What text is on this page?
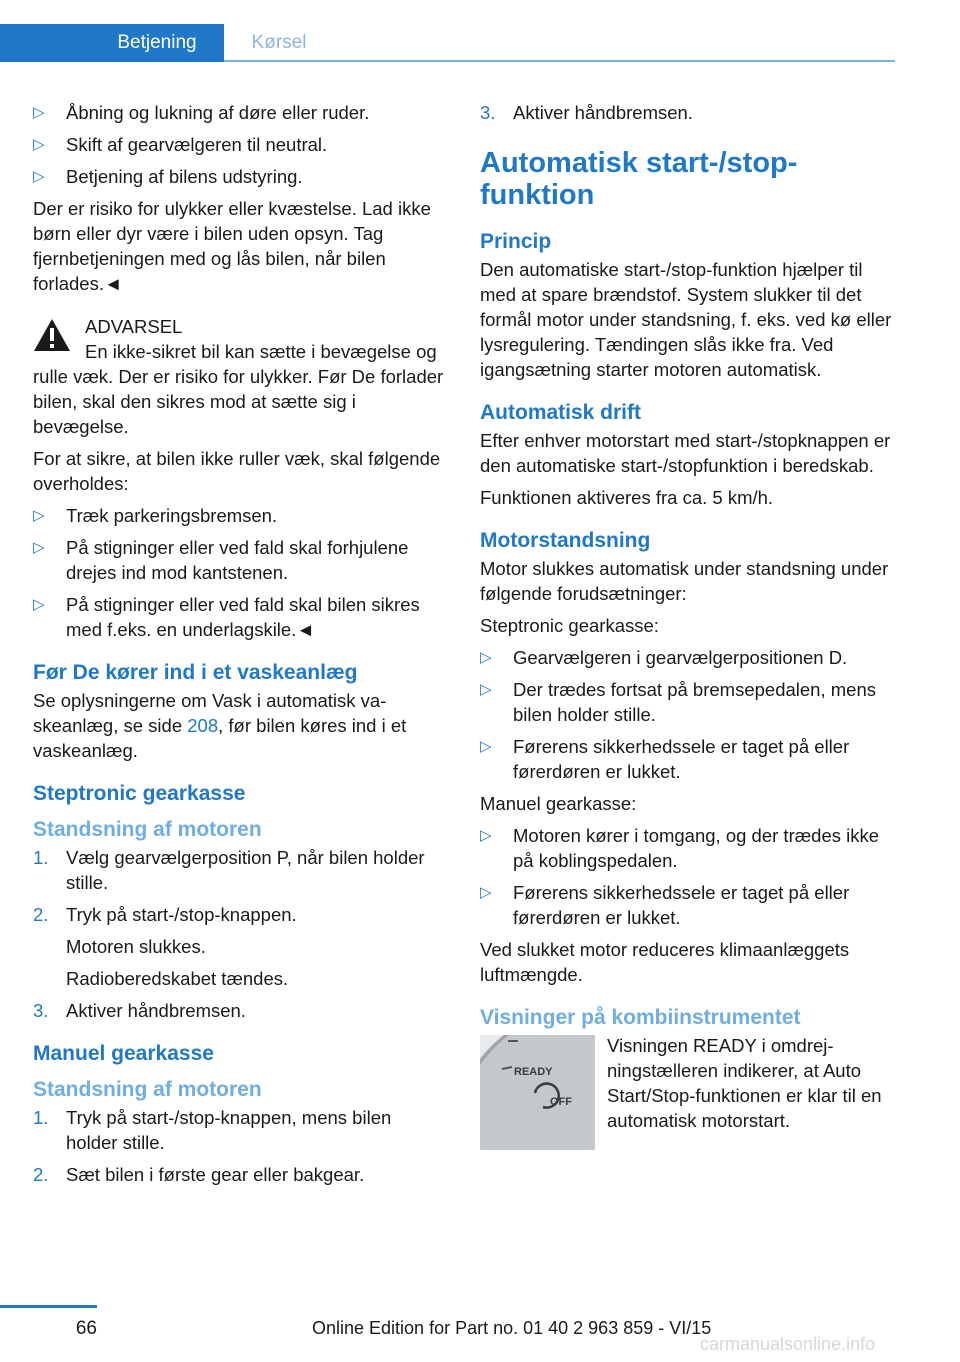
Betjening	Kørsel
▷ Åbning og lukning af døre eller ruder.
▷ Skift af gearvælgeren til neutral.
▷ Betjening af bilens udstyring.

Der er risiko for ulykker eller kvæstelse. Lad ikke børn eller dyr være i bilen uden opsyn. Tag fjernbetjeningen med og lås bilen, når bilen forlades.◄

ADVARSEL

En ikke-sikret bil kan sætte i bevægelse og rulle væk. Der er risiko for ulykker. Før De forlader bilen, skal den sikres mod at sætte sig i bevægelse.

For at sikre, at bilen ikke ruller væk, skal følgende overholdes:

▷ Træk parkeringsbremsen.
▷ På stigninger eller ved fald skal forhjulene drejes ind mod kantstenen.
▷ På stigninger eller ved fald skal bilen sikres med f.eks. en underlagskile.◄
Før De kører ind i et vaskeanlæg

Se oplysningerne om Vask i automatisk vaskeanlæg, se side 208, før bilen køres ind i et vaskeanlæg.

Steptronic gearkasse
Standsning af motoren
1. Vælg gearvælgerposition P, når bilen holder stille.
2. Tryk på start-/stop-knappen.
Motoren slukkes.
Radioberedskabet tændes.
3. Aktiver håndbremsen.
Manuel gearkasse
Standsning af motoren
1. Tryk på start-/stop-knappen, mens bilen holder stille.
2. Sæt bilen i første gear eller bakgear.
3. Aktiver håndbremsen.
Automatisk start-/stop-funktion
Princip

Den automatiske start-/stop-funktion hjælper til med at spare brændstof. System slukker til det formål motor under standsning, f. eks. ved kø eller lysregulering. Tændingen slås ikke fra. Ved igangsætning starter motoren automatisk.

Automatisk drift

Efter enhver motorstart med start-/stopknappen er den automatiske start-/stopfunktion i beredskab.

Funktionen aktiveres fra ca. 5 km/h.

Motorstandsning

Motor slukkes automatisk under standsning under følgende forudsætninger:

Steptronic gearkasse:

▷ Gearvælgeren i gearvælgerpositionen D.
▷ Der trædes fortsat på bremsepedalen, mens bilen holder stille.
▷ Førerens sikkerhedssele er taget på eller førerdøren er lukket.

Manuel gearkasse:

▷ Motoren kører i tomgang, og der trædes ikke på koblingspedalen.
▷ Førerens sikkerhedssele er taget på eller førerdøren er lukket.

Ved slukket motor reduceres klimaanlæggets luftmængde.

Visninger på kombiinstrumentet
READY
OFF
Visningen READY i omdrejningstælleren indikerer, at Auto Start/Stop-funktionen er klar til en automatisk motorstart.
66	Online Edition for Part no. 01 40 2 963 859 - VI/15
carmanualsonline.info
